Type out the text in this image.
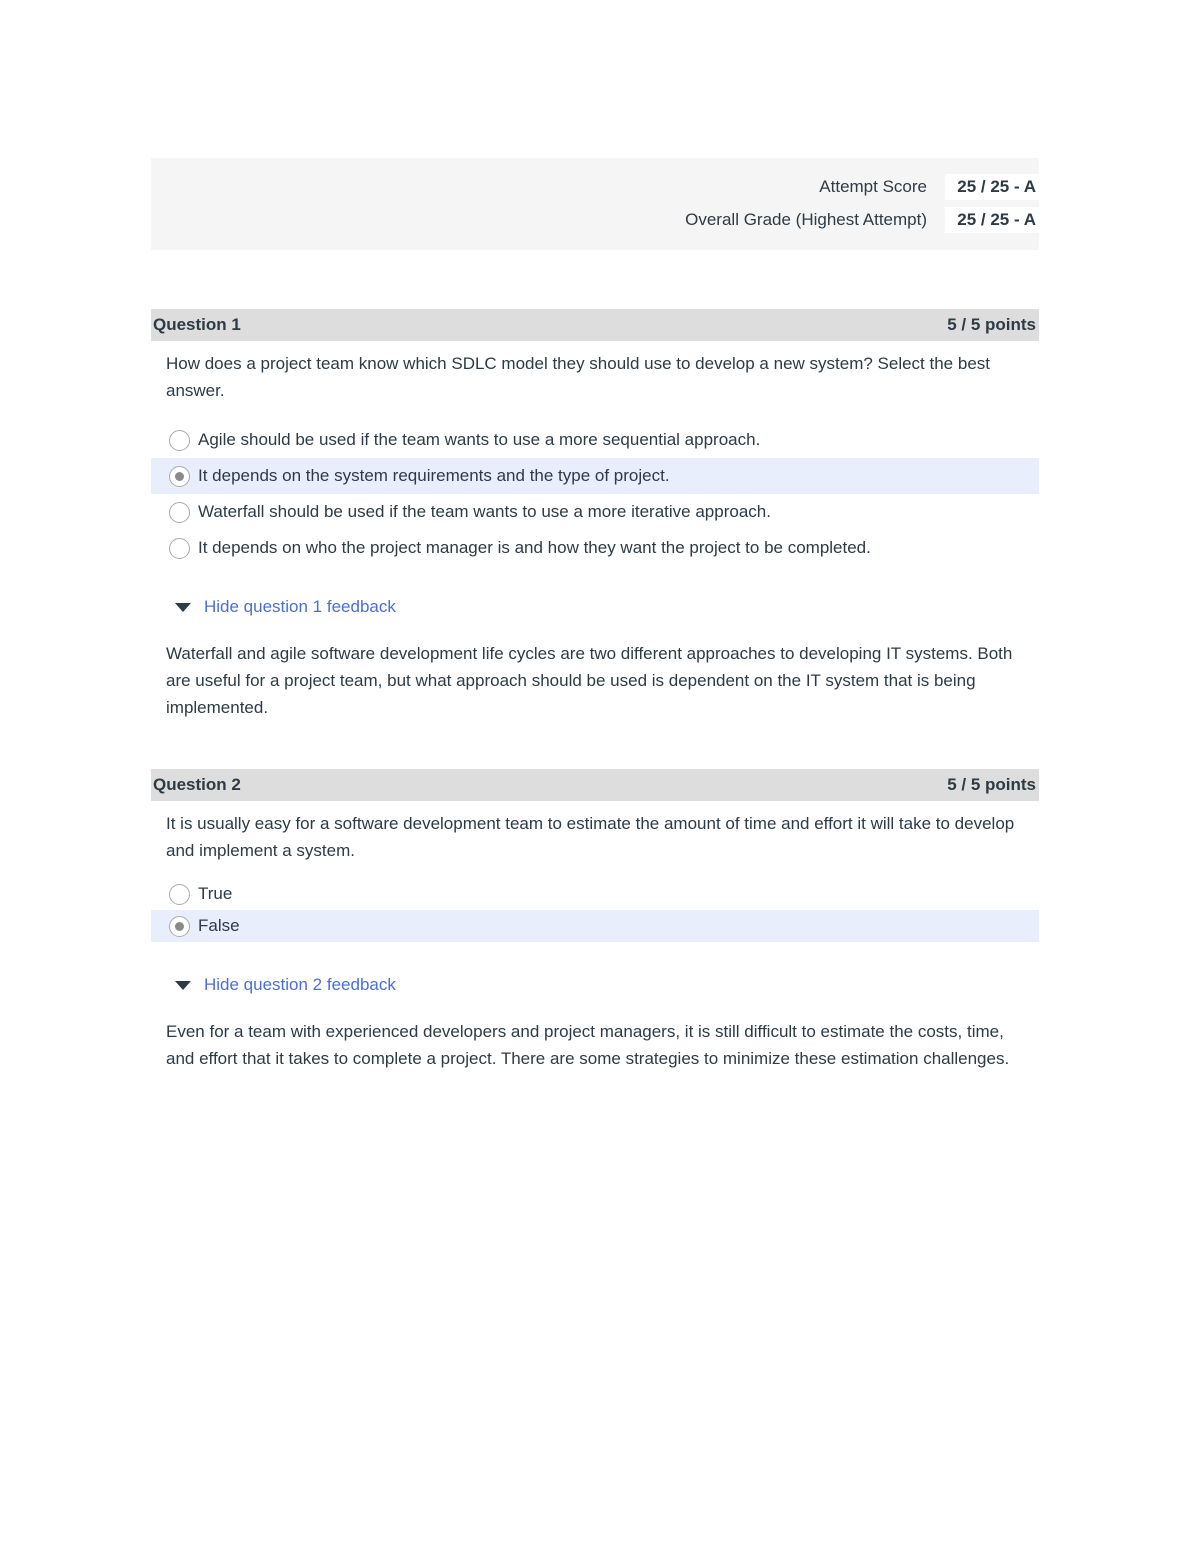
Attempt Score	25 / 25 - A
Overall Grade (Highest Attempt)	25 / 25 - A
Question 1	5 / 5 points
How does a project team know which SDLC model they should use to develop a new system? Select the best answer.
Agile should be used if the team wants to use a more sequential approach.
It depends on the system requirements and the type of project.
Waterfall should be used if the team wants to use a more iterative approach.
It depends on who the project manager is and how they want the project to be completed.
Hide question 1 feedback
Waterfall and agile software development life cycles are two different approaches to developing IT systems. Both are useful for a project team, but what approach should be used is dependent on the IT system that is being implemented.
Question 2	5 / 5 points
It is usually easy for a software development team to estimate the amount of time and effort it will take to develop and implement a system.
True
False
Hide question 2 feedback
Even for a team with experienced developers and project managers, it is still difficult to estimate the costs, time, and effort that it takes to complete a project. There are some strategies to minimize these estimation challenges.
